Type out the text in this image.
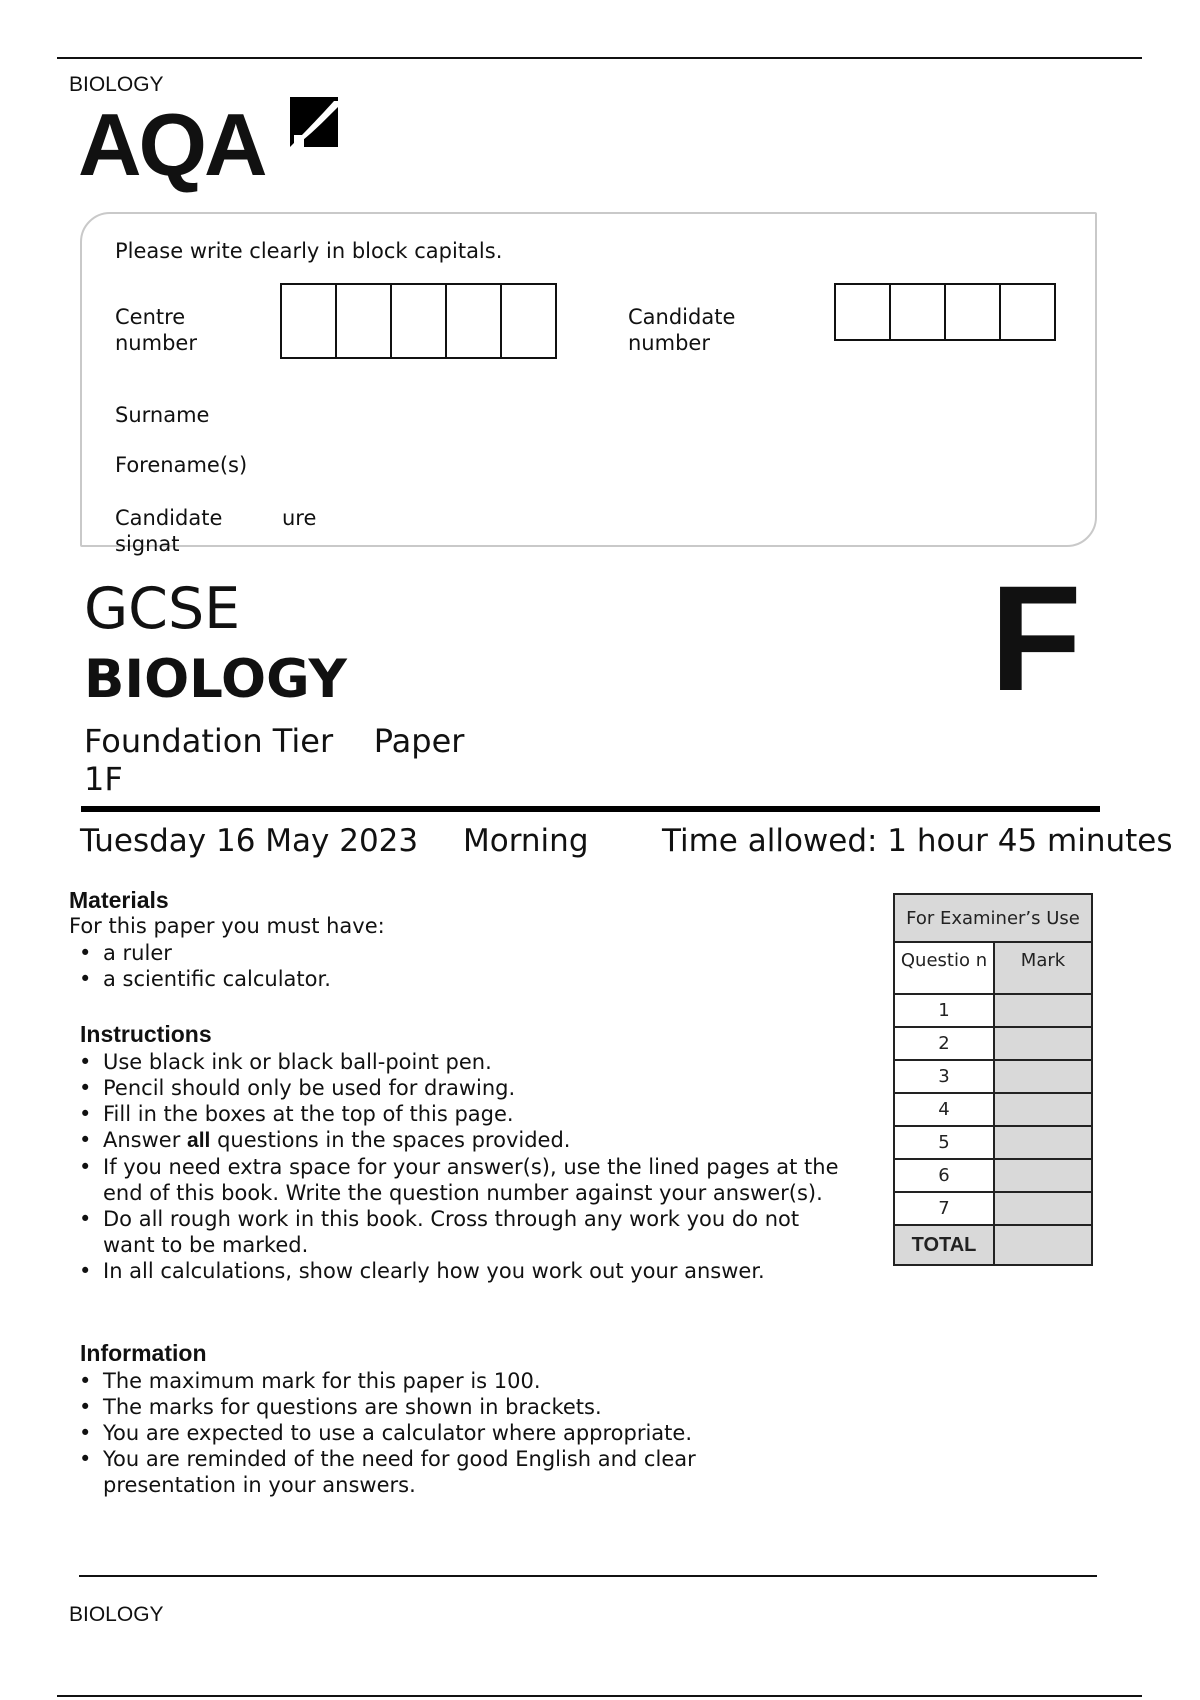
BIOLOGY
AQA
Please write clearly in block capitals.
Centre
number
Candidate
number
Surname
Forename(s)
Candidate	ure
signat
GCSE
BIOLOGY
Foundation Tier    Paper 1F
F
Tuesday 16 May 2023 Morning Time allowed: 1 hour 45 minutes
Materials
For this paper you must have:
• a ruler
• a scientific calculator.
Instructions
• Use black ink or black ball-point pen.
• Pencil should only be used for drawing.
• Fill in the boxes at the top of this page.
• Answer all questions in the spaces provided.
• If you need extra space for your answer(s), use the lined pages at the end of this book. Write the question number against your answer(s).
• Do all rough work in this book. Cross through any work you do not want to be marked.
• In all calculations, show clearly how you work out your answer.
Information
• The maximum mark for this paper is 100.
• The marks for questions are shown in brackets.
• You are expected to use a calculator where appropriate.
• You are reminded of the need for good English and clear presentation in your answers.
For Examiner’s Use	
Questio n	Mark
1	
2	
3	
4	
5	
6	
7	
TOTAL	
BIOLOGY
